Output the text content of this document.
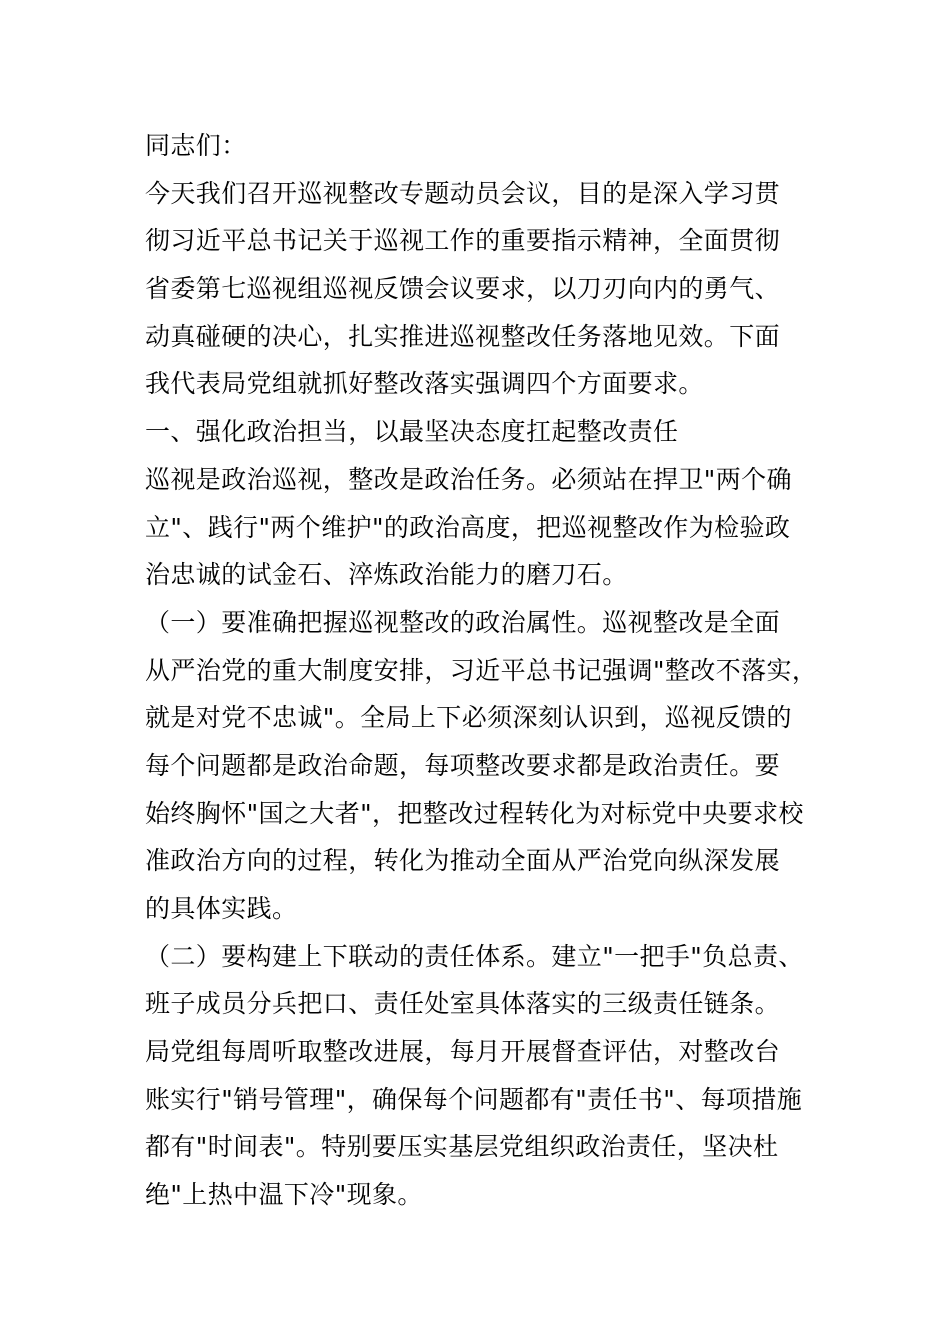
同志们：
今天我们召开巡视整改专题动员会议，目的是深入学习贯
彻习近平总书记关于巡视工作的重要指示精神，全面贯彻
省委第七巡视组巡视反馈会议要求，以刀刃向内的勇气、
动真碰硬的决心，扎实推进巡视整改任务落地见效。下面
我代表局党组就抓好整改落实强调四个方面要求。
一、强化政治担当，以最坚决态度扛起整改责任
巡视是政治巡视，整改是政治任务。必须站在捍卫"两个确
立"、践行"两个维护"的政治高度，把巡视整改作为检验政
治忠诚的试金石、淬炼政治能力的磨刀石。
（一）要准确把握巡视整改的政治属性。巡视整改是全面
从严治党的重大制度安排，习近平总书记强调"整改不落实，
就是对党不忠诚"。全局上下必须深刻认识到，巡视反馈的
每个问题都是政治命题，每项整改要求都是政治责任。要
始终胸怀"国之大者"，把整改过程转化为对标党中央要求校
准政治方向的过程，转化为推动全面从严治党向纵深发展
的具体实践。
（二）要构建上下联动的责任体系。建立"一把手"负总责、
班子成员分兵把口、责任处室具体落实的三级责任链条。
局党组每周听取整改进展，每月开展督查评估，对整改台
账实行"销号管理"，确保每个问题都有"责任书"、每项措施
都有"时间表"。特别要压实基层党组织政治责任，坚决杜
绝"上热中温下冷"现象。
